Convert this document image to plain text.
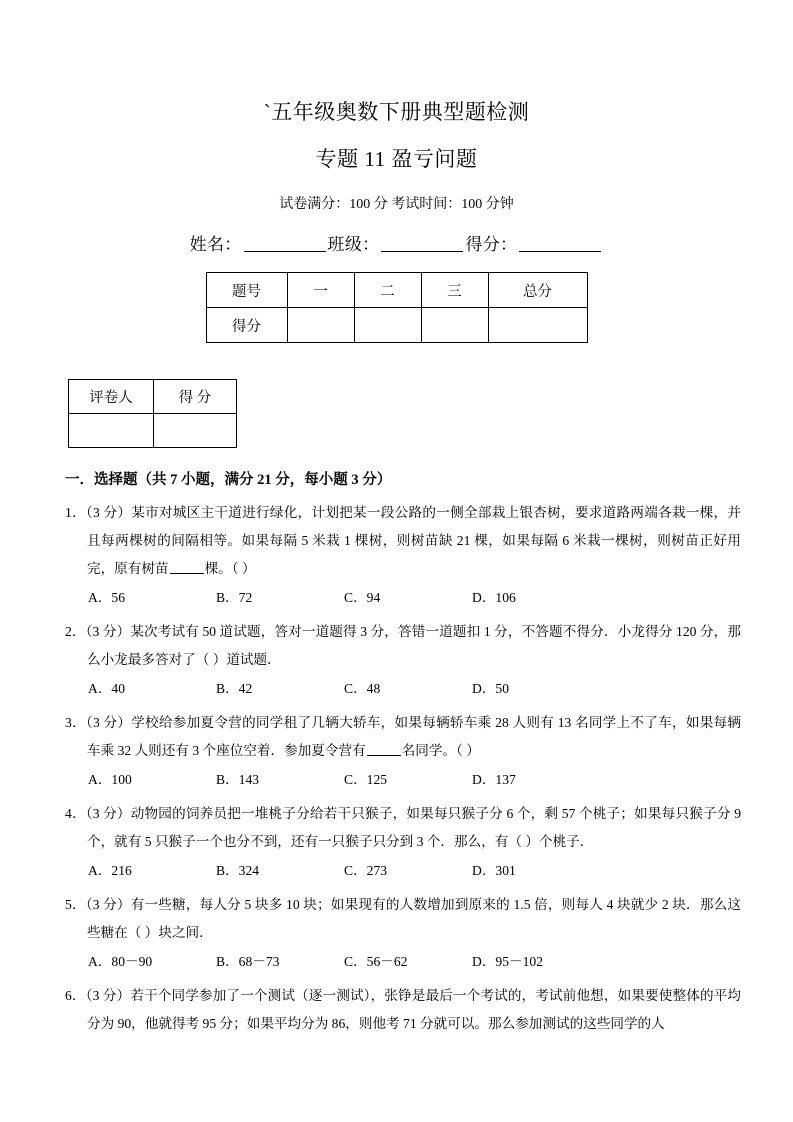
`五年级奥数下册典型题检测
专题 11 盈亏问题
试卷满分：100 分 考试时间：100 分钟
姓名：	班级：	得分：
题号	一	二	三	总分
得分				
评卷人	得 分

一．选择题（共 7 小题，满分 21 分，每小题 3 分）
1．（3 分）某市对城区主干道进行绿化，计划把某一段公路的一侧全部栽上银杏树，要求道路两端各栽一棵，并且每两棵树的间隔相等。如果每隔 5 米栽 1 棵树，则树苗缺 21 棵，如果每隔 6 米栽一棵树，则树苗正好用完，原有树苗	棵。（ ）
A．56	B．72	C．94	D．106
2．（3 分）某次考试有 50 道试题，答对一道题得 3 分，答错一道题扣 1 分，不答题不得分．小龙得分 120 分，那么小龙最多答对了（ ）道试题．
A．40	B．42	C．48	D．50
3．（3 分）学校给参加夏令营的同学租了几辆大轿车，如果每辆轿车乘 28 人则有 13 名同学上不了车，如果每辆车乘 32 人则还有 3 个座位空着．参加夏令营有	名同学。（ ）
A．100	B．143	C．125	D．137
4．（3 分）动物园的饲养员把一堆桃子分给若干只猴子，如果每只猴子分 6 个，剩 57 个桃子；如果每只猴子分 9 个，就有 5 只猴子一个也分不到，还有一只猴子只分到 3 个．那么，有（ ）个桃子．
A．216	B．324	C．273	D．301
5．（3 分）有一些糖，每人分 5 块多 10 块；如果现有的人数增加到原来的 1.5 倍，则每人 4 块就少 2 块．那么这些糖在（ ）块之间．
A．80－90	B．68－73	C．56－62	D．95－102
6．（3 分）若干个同学参加了一个测试（逐一测试），张铮是最后一个考试的，考试前他想，如果要使整体的平均分为 90，他就得考 95 分；如果平均分为 86，则他考 71 分就可以。那么参加测试的这些同学的人
